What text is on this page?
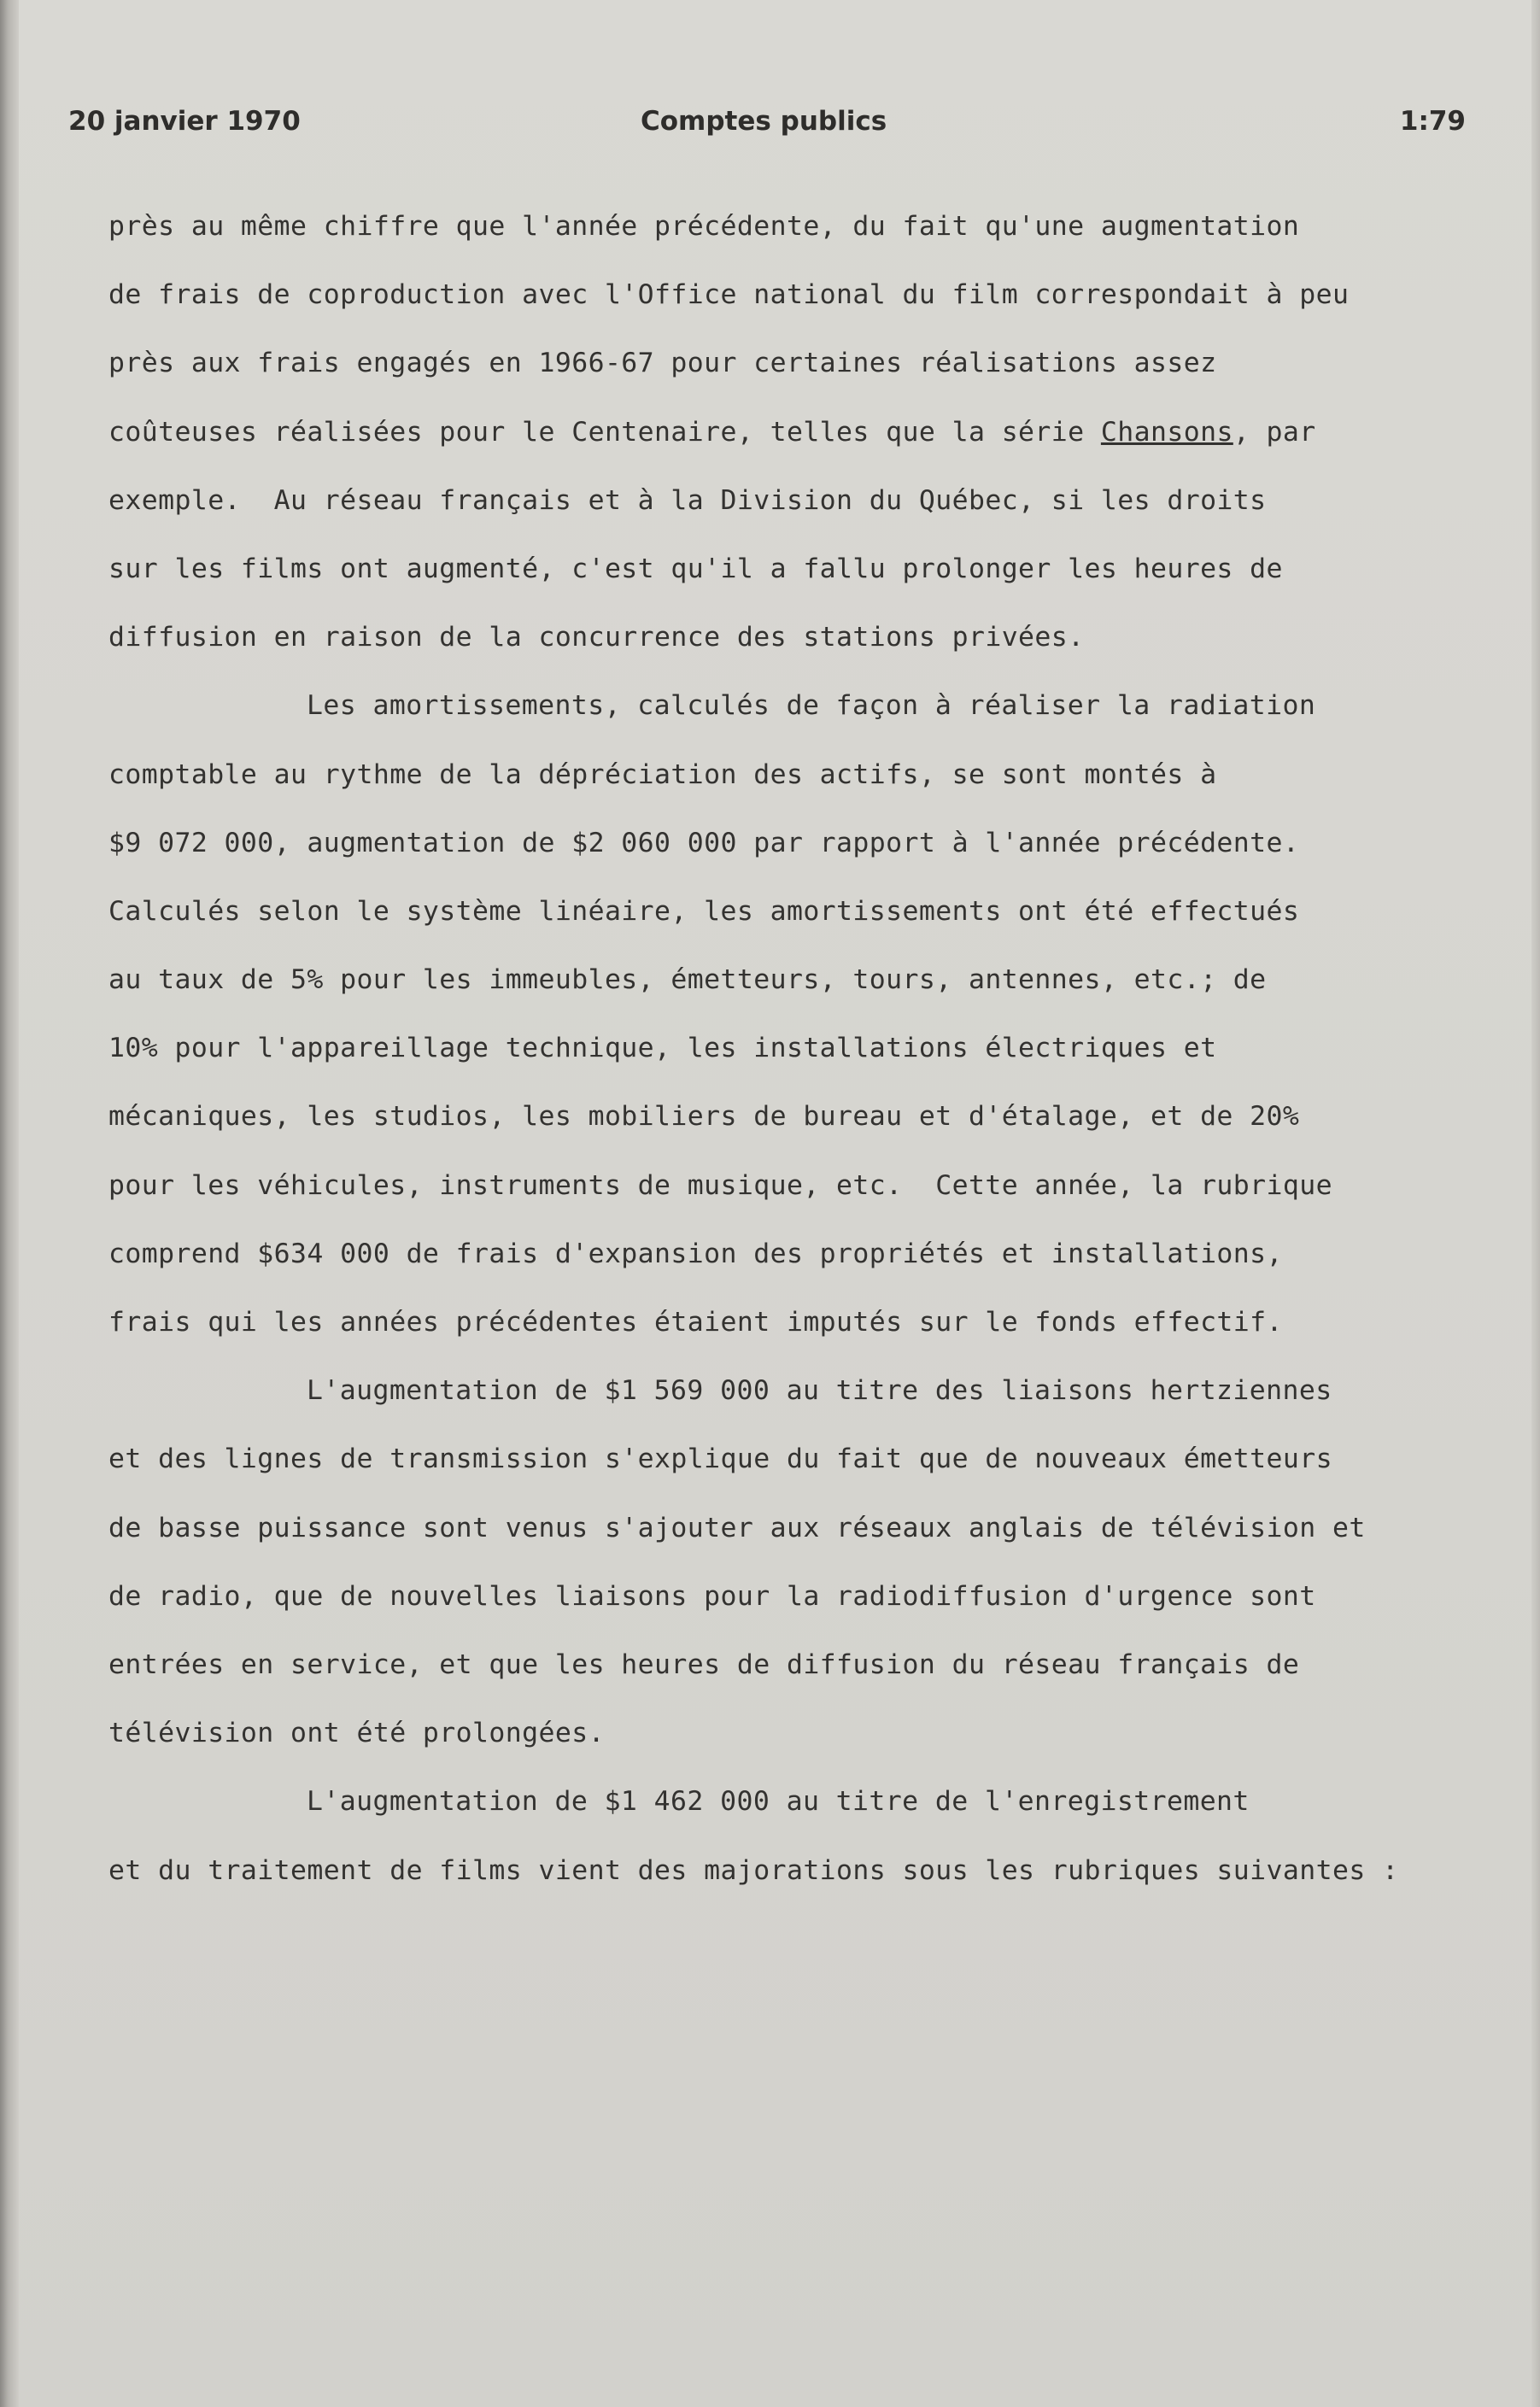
20 janvier 1970	Comptes publics	1:79
près au même chiffre que l'année précédente, du fait qu'une augmentation
de frais de coproduction avec l'Office national du film correspondait à peu
près aux frais engagés en 1966-67 pour certaines réalisations assez
coûteuses réalisées pour le Centenaire, telles que la série Chansons, par
exemple.  Au réseau français et à la Division du Québec, si les droits
sur les films ont augmenté, c'est qu'il a fallu prolonger les heures de
diffusion en raison de la concurrence des stations privées.
Les amortissements, calculés de façon à réaliser la radiation
comptable au rythme de la dépréciation des actifs, se sont montés à
$9 072 000, augmentation de $2 060 000 par rapport à l'année précédente.
Calculés selon le système linéaire, les amortissements ont été effectués
au taux de 5% pour les immeubles, émetteurs, tours, antennes, etc.; de
10% pour l'appareillage technique, les installations électriques et
mécaniques, les studios, les mobiliers de bureau et d'étalage, et de 20%
pour les véhicules, instruments de musique, etc.  Cette année, la rubrique
comprend $634 000 de frais d'expansion des propriétés et installations,
frais qui les années précédentes étaient imputés sur le fonds effectif.
L'augmentation de $1 569 000 au titre des liaisons hertziennes
et des lignes de transmission s'explique du fait que de nouveaux émetteurs
de basse puissance sont venus s'ajouter aux réseaux anglais de télévision et
de radio, que de nouvelles liaisons pour la radiodiffusion d'urgence sont
entrées en service, et que les heures de diffusion du réseau français de
télévision ont été prolongées.
L'augmentation de $1 462 000 au titre de l'enregistrement
et du traitement de films vient des majorations sous les rubriques suivantes :
